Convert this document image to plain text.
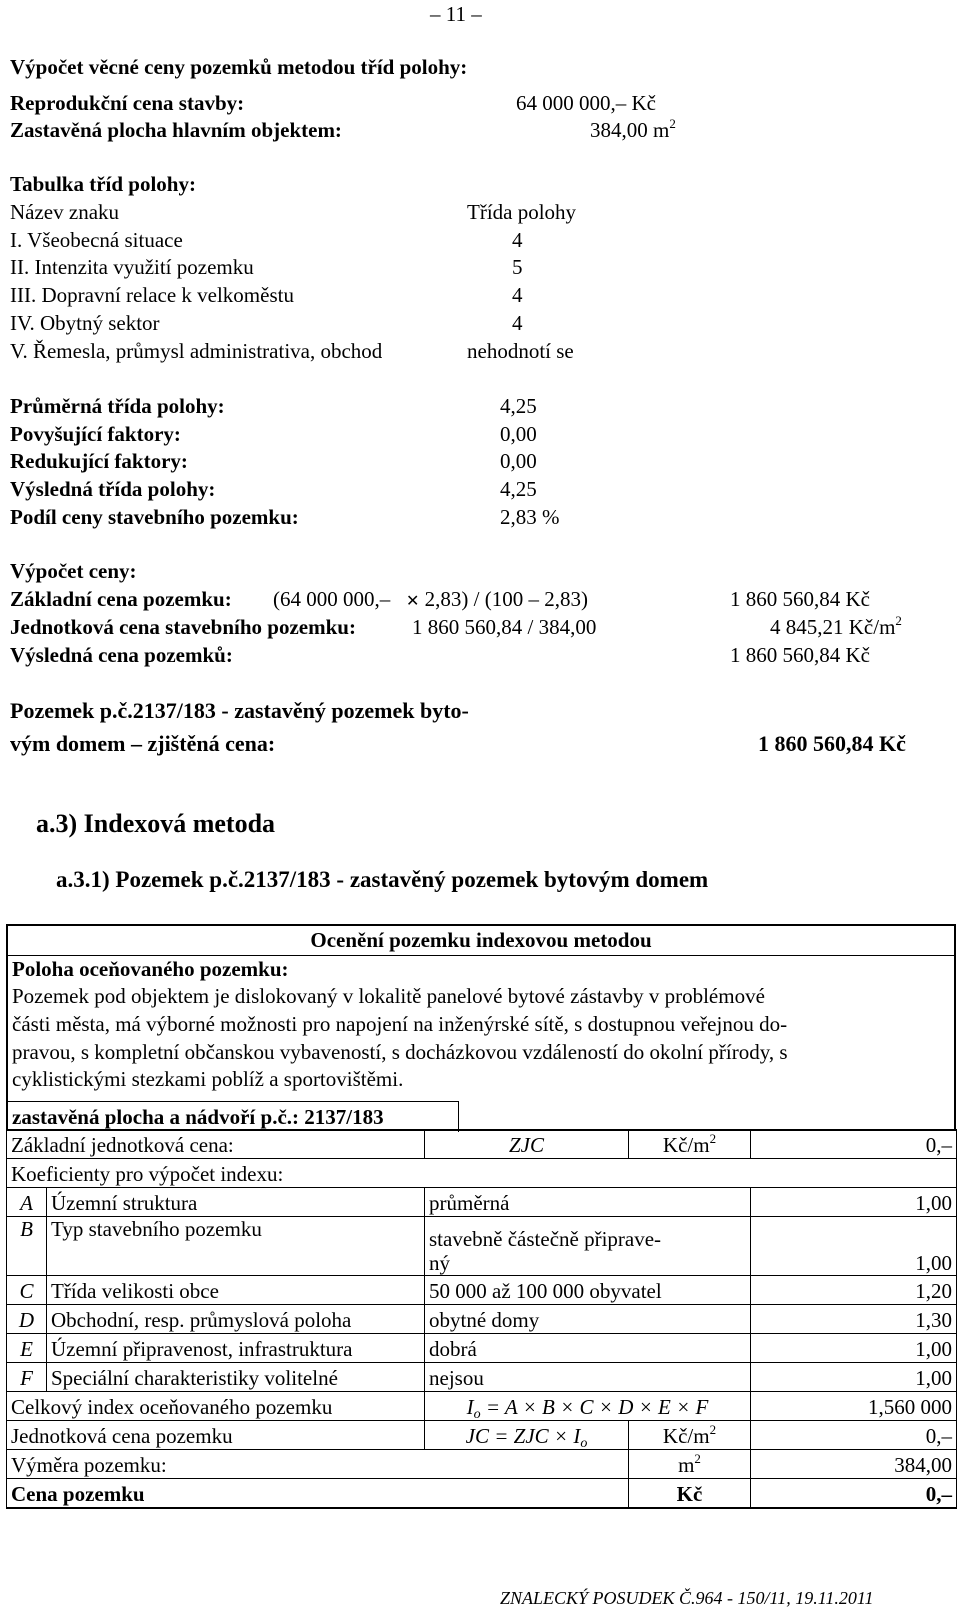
– 11 –
Výpočet věcné ceny pozemků metodou tříd polohy:
Reprodukční cena stavby:	64 000 000,– Kč
Zastavěná plocha hlavním objektem:	384,00 $m^2$
Tabulka tříd polohy:
Název znaku	Třída polohy
I. Všeobecná situace	4
II. Intenzita využití pozemku	5
III. Dopravní relace k velkoměstu	4
IV. Obytný sektor	4
V. Řemesla, průmysl administrativa, obchod	nehodnotí se
Průměrná třída polohy:	4,25
Povyšující faktory:	0,00
Redukující faktory:	0,00
Výsledná třída polohy:	4,25
Podíl ceny stavebního pozemku:	2,83 %
Výpočet ceny:
Základní cena pozemku: (64 000 000,– ✕ 2,83) / (100 – 2,83)	1 860 560,84 Kč
Jednotková cena stavebního pozemku:	1 860 560,84 / 384,00	4 845,21 $Kč/m^2$
Výsledná cena pozemků:	1 860 560,84 Kč
Pozemek p.č.2137/183 - zastavěný pozemek byto-
vým domem – zjištěná cena:	1 860 560,84 Kč
a.3) Indexová metoda
a.3.1) Pozemek p.č.2137/183 - zastavěný pozemek bytovým domem
Ocenění pozemku indexovou metodou
Poloha oceňovaného pozemku:
Pozemek pod objektem je dislokovaný v lokalitě panelové bytové zástavby v problémové
části města, má výborné možnosti pro napojení na inženýrské sítě, s dostupnou veřejnou do-
pravou, s kompletní občanskou vybaveností, s docházkovou vzdáleností do okolní přírody, s
cyklistickými stezkami poblíž a sportovištěmi.
zastavěná plocha a nádvoří p.č.: 2137/183
Základní jednotková cena:		ZJC	$Kč/m^2$	0,–
Koeficienty pro výpočet indexu:				
A	Územní struktura	průměrná		1,00
B	Typ stavebního pozemku	stavebně částečně připrave-
ný		1,00
C	Třída velikosti obce	50 000 až 100 000 obyvatel		1,20
D	Obchodní, resp. průmyslová poloha	obytné domy		1,30
E	Územní připravenost, infrastruktura	dobrá		1,00
F	Speciální charakteristiky volitelné	nejsou		1,00
Celkový index oceňovaného pozemku		$I_o = A \times B \times C \times D \times E \times F$		1,560 000
Jednotková cena pozemku		JC = ZJC × $I_o$	$Kč/m^2$	0,–
Výměra pozemku:			$m^2$	384,00
Cena pozemku			Kč	0,–
ZNALECKÝ POSUDEK Č.964 - 150/11, 19.11.2011
